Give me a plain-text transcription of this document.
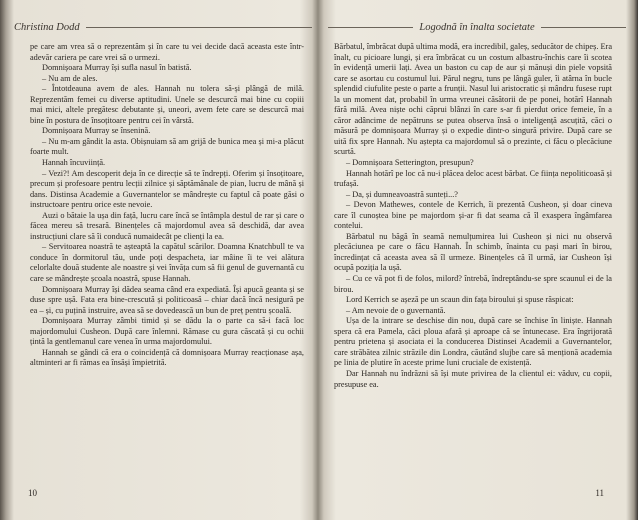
Christina Dodd

pe care am vrea să o reprezentăm și în care tu vei decide dacă aceasta este într-adevăr cariera pe care vrei să o urmezi.

Domnișoara Murray își sufla nasul în batistă.

– Nu am de ales.

– Întotdeauna avem de ales. Hannah nu tolera să-și plângă de milă. Reprezentăm femei cu diverse aptitudini. Unele se descurcă mai bine cu copiii mai mici, altele pregătesc debutante și, uneori, avem fete care se descurcă mai bine în postura de însoțitoare pentru cei în vârstă.

Domnișoara Murray se însenină.

– Nu m-am gândit la asta. Obișnuiam să am grijă de bunica mea și mi-a plăcut foarte mult.

Hannah încuviință.

– Vezi?! Am descoperit deja în ce direcție să te îndrepți. Oferim și însoțitoare, precum și profesoare pentru lecții zilnice și săptămânale de pian, lucru de mână și dans. Distinsa Academie a Guvernantelor se mândrește cu faptul că poate găsi o instructoare pentru orice este nevoie.

Auzi o bătaie la ușa din față, lucru care încă se întâmpla destul de rar și care o făcea mereu să tresară. Binențeles că majordomul avea să deschidă, dar avea instrucțiuni clare să îi conducă numaidecât pe clienți la ea.

– Servitoarea noastră te așteaptă la capătul scărilor. Doamna Knatchbull te va conduce în dormitorul tău, unde poți despacheta, iar mâine îi te vei alătura celorlalte două studente ale noastre și vei învăța cum să fii genul de guvernantă cu care se mândrește școala noastră, spuse Hannah.

Domnișoara Murray își dădea seama când era expediată. Își apucă geanta și se duse spre ușă. Fata era bine-crescută și politicoasă – chiar dacă încă nesigură pe ea – și, cu puțină instruire, avea să se dovedească un bun de preț pentru școală.

Domnișoara Murray zâmbi timid și se dădu la o parte ca să-i facă loc majordomului Cusheon. După care înlemni. Rămase cu gura căscată și cu ochii țintă la gentlemanul care venea în urma majordomului.

Hannah se gândi că era o coincidență că domnișoara Murray reacționase așa, altminteri ar fi rămas ea însăși împietrită.

10
Logodnă în înalta societate

Bărbatul, îmbrăcat după ultima modă, era incredibil, galeș, seducător de chipeș. Era înalt, cu picioare lungi, și era îmbrăcat cu un costum albastru-închis care îi scotea în evidență umerii lați. Avea un baston cu cap de aur și mănuși din piele vopsită care se asortau cu costumul lui. Părul negru, tuns pe lângă guler, îi atârna în bucle splendid ciufulite peste o parte a frunții. Nasul lui aristocratic și mândru fusese rupt la un moment dat, probabil în urma vreunei căsătorii de pe ponei, hotărî Hannah fără milă. Avea niște ochi căprui blânzi în care s-ar fi pierdut orice femeie, în a căror adâncime de nepătruns se putea observa însă o inteligență ascuțită, căci o măsură pe domnișoara Murray și o expedie dintr-o singură privire. După care se uită fix spre Hannah. Nu aștepta ca majordomul să o prezinte, ci făcu o plecăciune scurtă.

– Domnișoara Setterington, presupun?

Hannah hotărî pe loc că nu-i plăcea deloc acest bărbat. Ce ființa nepoliticoasă și trufașă.

– Da, și dumneavoastră sunteți...?

– Devon Mathewes, contele de Kerrich, îi prezentă Cusheon, și doar cineva care îl cunoștea bine pe majordom și-ar fi dat seama că îl exaspera îngâmfarea contelui.

Bărbatul nu băgă în seamă nemulțumirea lui Cusheon și nici nu observă plecăciunea pe care o făcu Hannah. În schimb, înainta cu pași mari în birou, încredințat că aceasta avea să îl urmeze. Binențeles că îl urmă, iar Cusheon își ocupă poziția la ușă.

– Cu ce vă pot fi de folos, milord? întrebă, îndreptându-se spre scaunul ei de la birou.

Lord Kerrich se așeză pe un scaun din fața biroului și spuse răspicat:

– Am nevoie de o guvernantă.

Ușa de la intrare se deschise din nou, după care se închise în liniște. Hannah spera că era Pamela, căci ploua afară și aproape că se întunecase. Era îngrijorată pentru prietena și asociata ei la conducerea Distinsei Academii a Guvernantelor, care străbătea zilnic străzile din Londra, căutând slujbe care să menționă academia pe linia de plutire în aceste prime luni cruciale de existență.

Dar Hannah nu îndrăzni să își mute privirea de la clientul ei: văduv, cu copii, presupuse ea.

11
